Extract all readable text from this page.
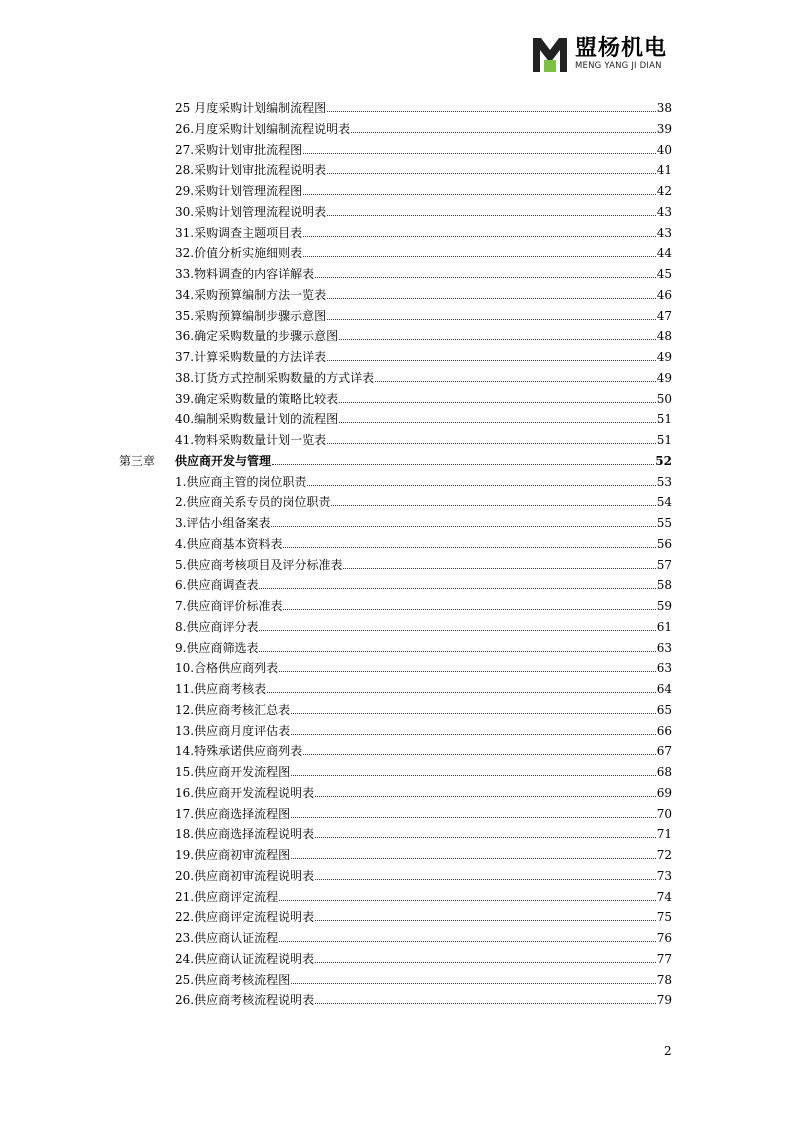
盟杨机电
MENG YANG JI DIAN
25 月度采购计划编制流程图	38
26.月度采购计划编制流程说明表	39
27.采购计划审批流程图	40
28.采购计划审批流程说明表	41
29.采购计划管理流程图	42
30.采购计划管理流程说明表	43
31.采购调查主题项目表	43
32.价值分析实施细则表	44
33.物料调查的内容详解表	45
34.采购预算编制方法一览表	46
35.采购预算编制步骤示意图	47
36.确定采购数量的步骤示意图	48
37.计算采购数量的方法详表	49
38.订货方式控制采购数量的方式详表	49
39.确定采购数量的策略比较表	50
40.编制采购数量计划的流程图	51
41.物料采购数量计划一览表	51
第三章 供应商开发与管理	52
1.供应商主管的岗位职责	53
2.供应商关系专员的岗位职责	54
3.评估小组备案表	55
4.供应商基本资料表	56
5.供应商考核项目及评分标准表	57
6.供应商调查表	58
7.供应商评价标准表	59
8.供应商评分表	61
9.供应商筛选表	63
10.合格供应商列表	63
11.供应商考核表	64
12.供应商考核汇总表	65
13.供应商月度评估表	66
14.特殊承诺供应商列表	67
15.供应商开发流程图	68
16.供应商开发流程说明表	69
17.供应商选择流程图	70
18.供应商选择流程说明表	71
19.供应商初审流程图	72
20.供应商初审流程说明表	73
21.供应商评定流程	74
22.供应商评定流程说明表	75
23.供应商认证流程	76
24.供应商认证流程说明表	77
25.供应商考核流程图	78
26.供应商考核流程说明表	79
2
